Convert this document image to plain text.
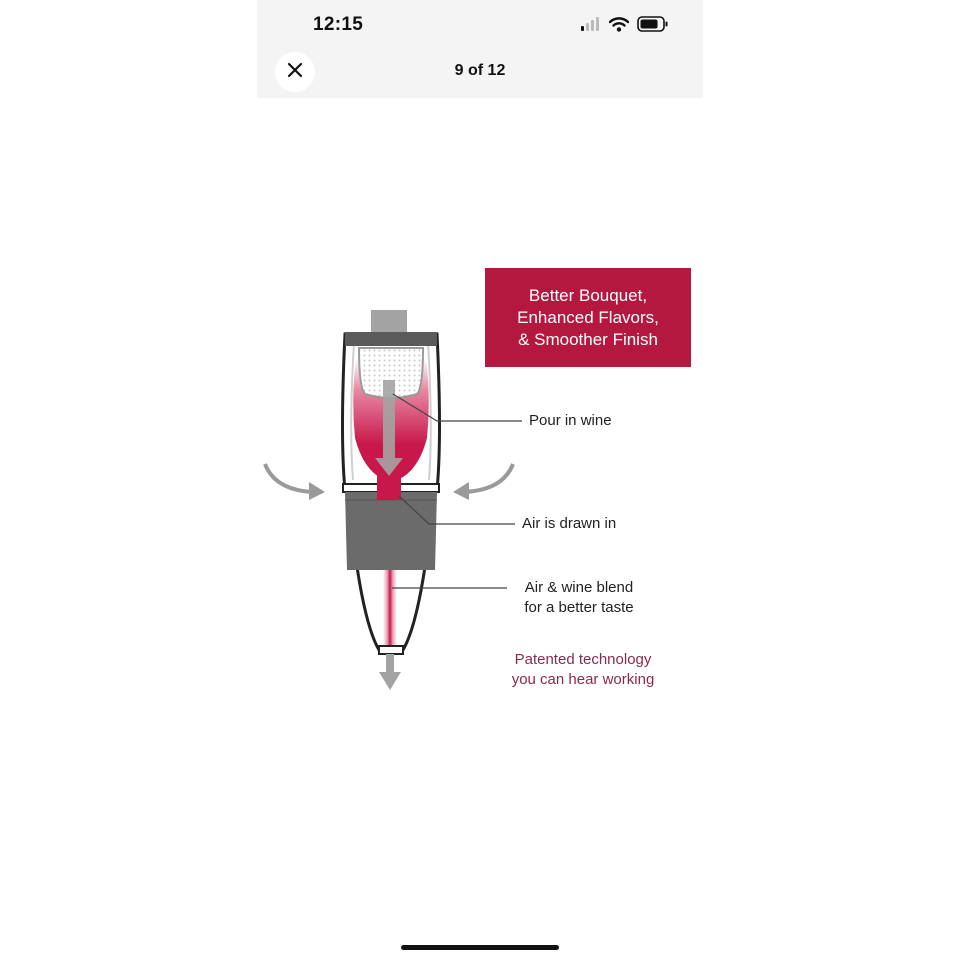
12:15
9 of 12
Better Bouquet,
Enhanced Flavors,
& Smoother Finish
Pour in wine
Air is drawn in
Air & wine blend
for a better taste
Patented technology
you can hear working
